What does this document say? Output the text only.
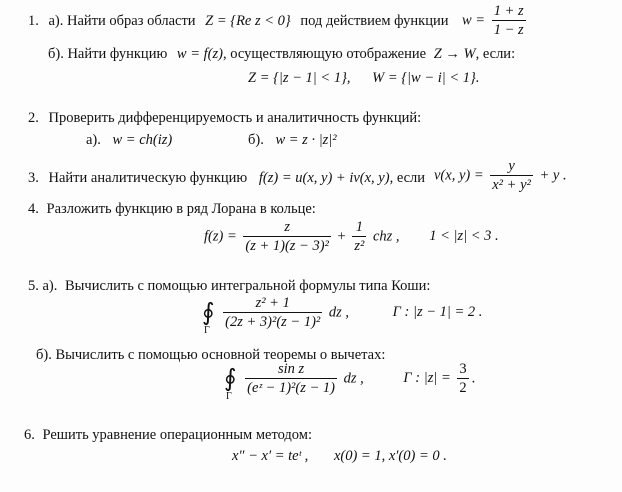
1. а). Найти образ области Z = {Re z < 0} под действием функции $w = \frac{1 + z}{1 - z}$
б). Найти функцию w = f(z), осуществляющую отображение Z → W, если:
Z = {|z − 1| < 1}, W = {|w − i| < 1}.
2. Проверить дифференцируемость и аналитичность функций:
а). w = ch(iz)	б). w = z · |z|²
3. Найти аналитическую функцию f(z) = u(x, y) + iv(x, y), если v(x, $y) = \frac{y}{\text{x² + y²}} + y$ .
4. Разложить функцию в ряд Лорана в кольце:
$f(z) = \frac{z}{\text{(z + 1)(z − 3)²}} + \frac{1}{\text{z²}}$ chz , 1 < |z| < 3 .
5. а). Вычислить с помощью интегральной формулы типа Коши:
∮
Γ

$\frac{\text{z² + 1}}{\text{(2z + 3)²(z − 1)²}}$ dz ,	Γ : |z − 1| = 2 .
б). Вычислить с помощью основной теоремы о вычетах:
∮
Γ

$\frac{\text{sin z}}{\text{(eᶻ − 1)²(z − 1)}}$ dz ,	Γ : $|z| = \frac{3}{2}$ .
6. Решить уравнение операционным методом:
x″ − x′ = teᵗ , x(0) = 1, x′(0) = 0 .
